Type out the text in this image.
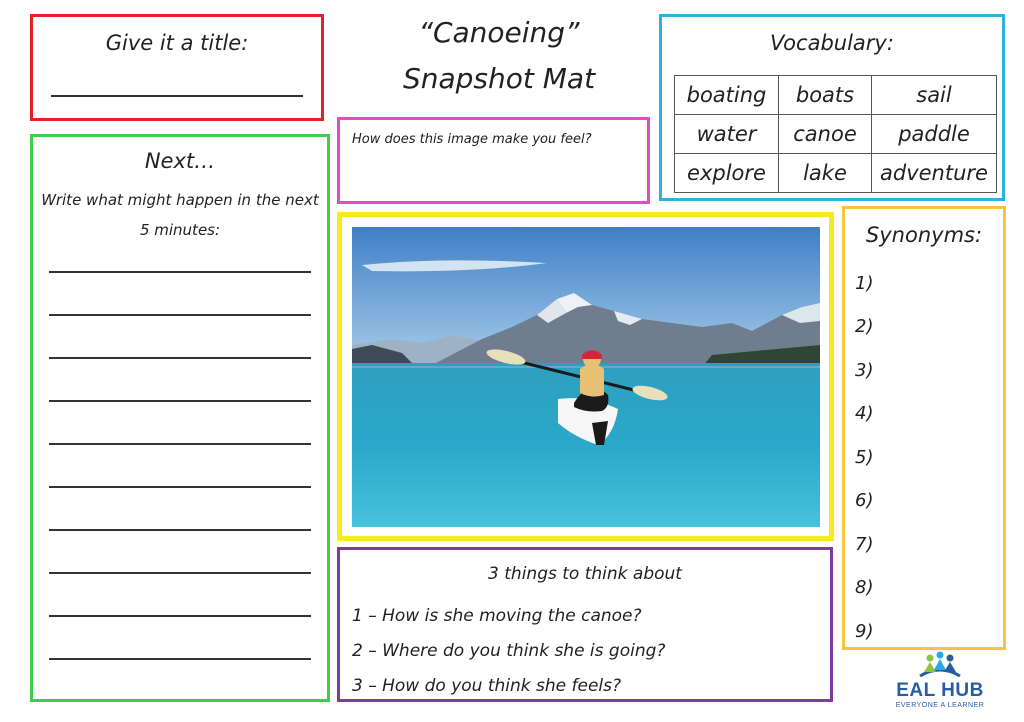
Give it a title:	“Canoeing”
Snapshot Mat
Vocabulary:
boating	boats	sail
water	canoe	paddle
explore	lake	adventure
How does this image make you feel?
Next…
Write what might happen in the next 5 minutes:	Synonyms:
1)
2)
3)
4)
5)
6)
7)
8)
9)
3 things to think about
1 – How is she moving the canoe?
2 – Where do you think she is going?
3 – How do you think she feels?	EAL HUB
EVERYONE A LEARNER
